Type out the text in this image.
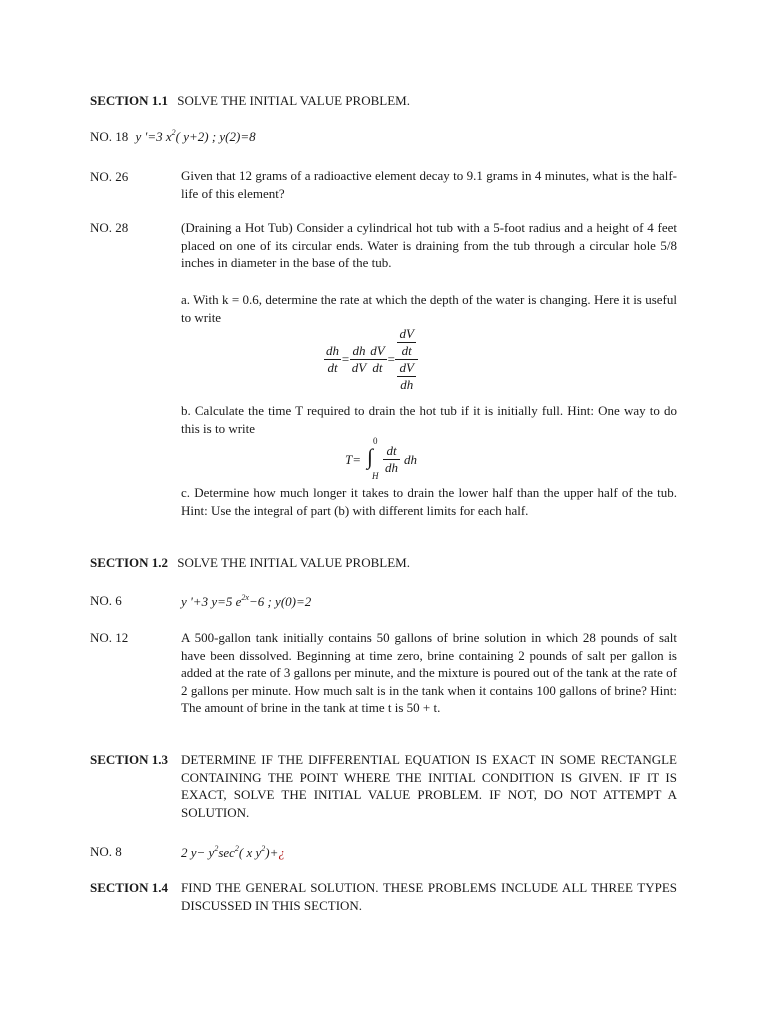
SECTION 1.1 SOLVE THE INITIAL VALUE PROBLEM.
NO. 18 y '=3 $x^2$( y+2) ; y(2)=8
NO. 26	Given that 12 grams of a radioactive element decay to 9.1 grams in 4 minutes, what is the half-life of this element?
NO. 28	(Draining a Hot Tub) Consider a cylindrical hot tub with a 5-foot radius and a height of 4 feet placed on one of its circular ends. Water is draining from the tub through a circular hole 5/8 inches in diameter in the base of the tub.
a. With k = 0.6, determine the rate at which the depth of the water is changing. Here it is useful to write
$\frac{dh}{dt} = \frac{dh}{dV} \frac{dV}{dt} = \frac{\frac{dV}{dt}}{\frac{dV}{dh}}$
b. Calculate the time T required to drain the hot tub if it is initially full. Hint: One way to do this is to write
T= ∫
0
H $\frac{dt}{dh}$ dh
c. Determine how much longer it takes to drain the lower half than the upper half of the tub. Hint: Use the integral of part (b) with different limits for each half.
SECTION 1.2 SOLVE THE INITIAL VALUE PROBLEM.
NO. 6	y '+3 y=5 $e^{2x}-6$ ; y(0)=2
NO. 12	A 500-gallon tank initially contains 50 gallons of brine solution in which 28 pounds of salt have been dissolved. Beginning at time zero, brine containing 2 pounds of salt per gallon is added at the rate of 3 gallons per minute, and the mixture is poured out of the tank at the rate of 2 gallons per minute. How much salt is in the tank when it contains 100 gallons of brine? Hint: The amount of brine in the tank at time t is 50 + t.
SECTION 1.3 DETERMINE IF THE DIFFERENTIAL EQUATION IS EXACT IN SOME RECTANGLE CONTAINING THE POINT WHERE THE INITIAL CONDITION IS GIVEN. IF IT IS EXACT, SOLVE THE INITIAL VALUE PROBLEM. IF NOT, DO NOT ATTEMPT A SOLUTION.
NO. 8	2 $y- y^2\sec^2$( x $y^2)+¿$
SECTION 1.4 FIND THE GENERAL SOLUTION. THESE PROBLEMS INCLUDE ALL THREE TYPES DISCUSSED IN THIS SECTION.
